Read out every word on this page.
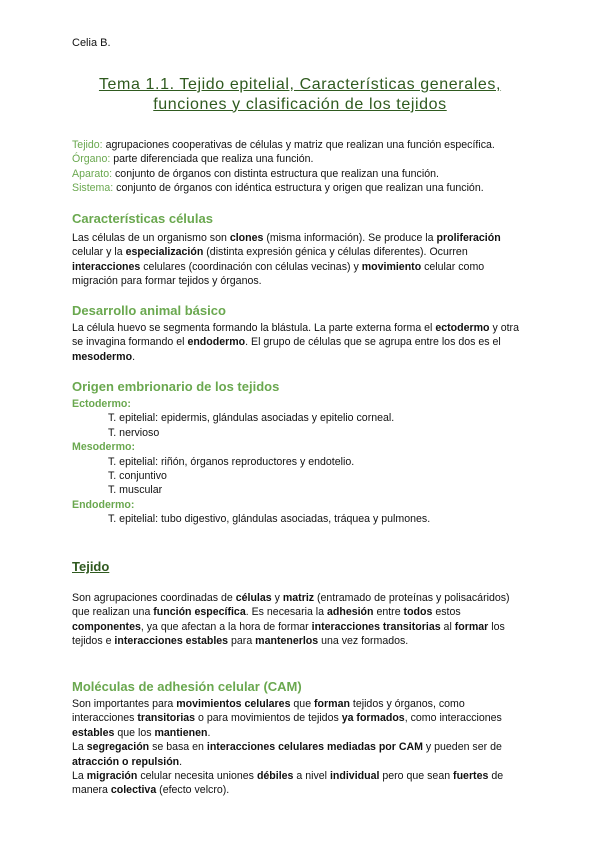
Celia B.
Tema 1.1. Tejido epitelial, Características generales, funciones y clasificación de los tejidos

Tejido: agrupaciones cooperativas de células y matriz que realizan una función específica.

Órgano: parte diferenciada que realiza una función.

Aparato: conjunto de órganos con distinta estructura que realizan una función.

Sistema: conjunto de órganos con idéntica estructura y origen que realizan una función.

Características células

Las células de un organismo son clones (misma información). Se produce la proliferación celular y la especialización (distinta expresión génica y células diferentes). Ocurren interacciones celulares (coordinación con células vecinas) y movimiento celular como migración para formar tejidos y órganos.

Desarrollo animal básico

La célula huevo se segmenta formando la blástula. La parte externa forma el ectodermo y otra se invagina formando el endodermo. El grupo de células que se agrupa entre los dos es el mesodermo.

Origen embrionario de los tejidos
Ectodermo:
T. epitelial: epidermis, glándulas asociadas y epitelio corneal.
T. nervioso
Mesodermo:
T. epitelial: riñón, órganos reproductores y endotelio.
T. conjuntivo
T. muscular
Endodermo:
T. epitelial: tubo digestivo, glándulas asociadas, tráquea y pulmones.
Tejido

Son agrupaciones coordinadas de células y matriz (entramado de proteínas y polisacáridos) que realizan una función específica. Es necesaria la adhesión entre todos estos componentes, ya que afectan a la hora de formar interacciones transitorias al formar los tejidos e interacciones estables para mantenerlos una vez formados.

Moléculas de adhesión celular (CAM)

Son importantes para movimientos celulares que forman tejidos y órganos, como interacciones transitorias o para movimientos de tejidos ya formados, como interacciones estables que los mantienen.

La segregación se basa en interacciones celulares mediadas por CAM y pueden ser de atracción o repulsión.

La migración celular necesita uniones débiles a nivel individual pero que sean fuertes de manera colectiva (efecto velcro).
